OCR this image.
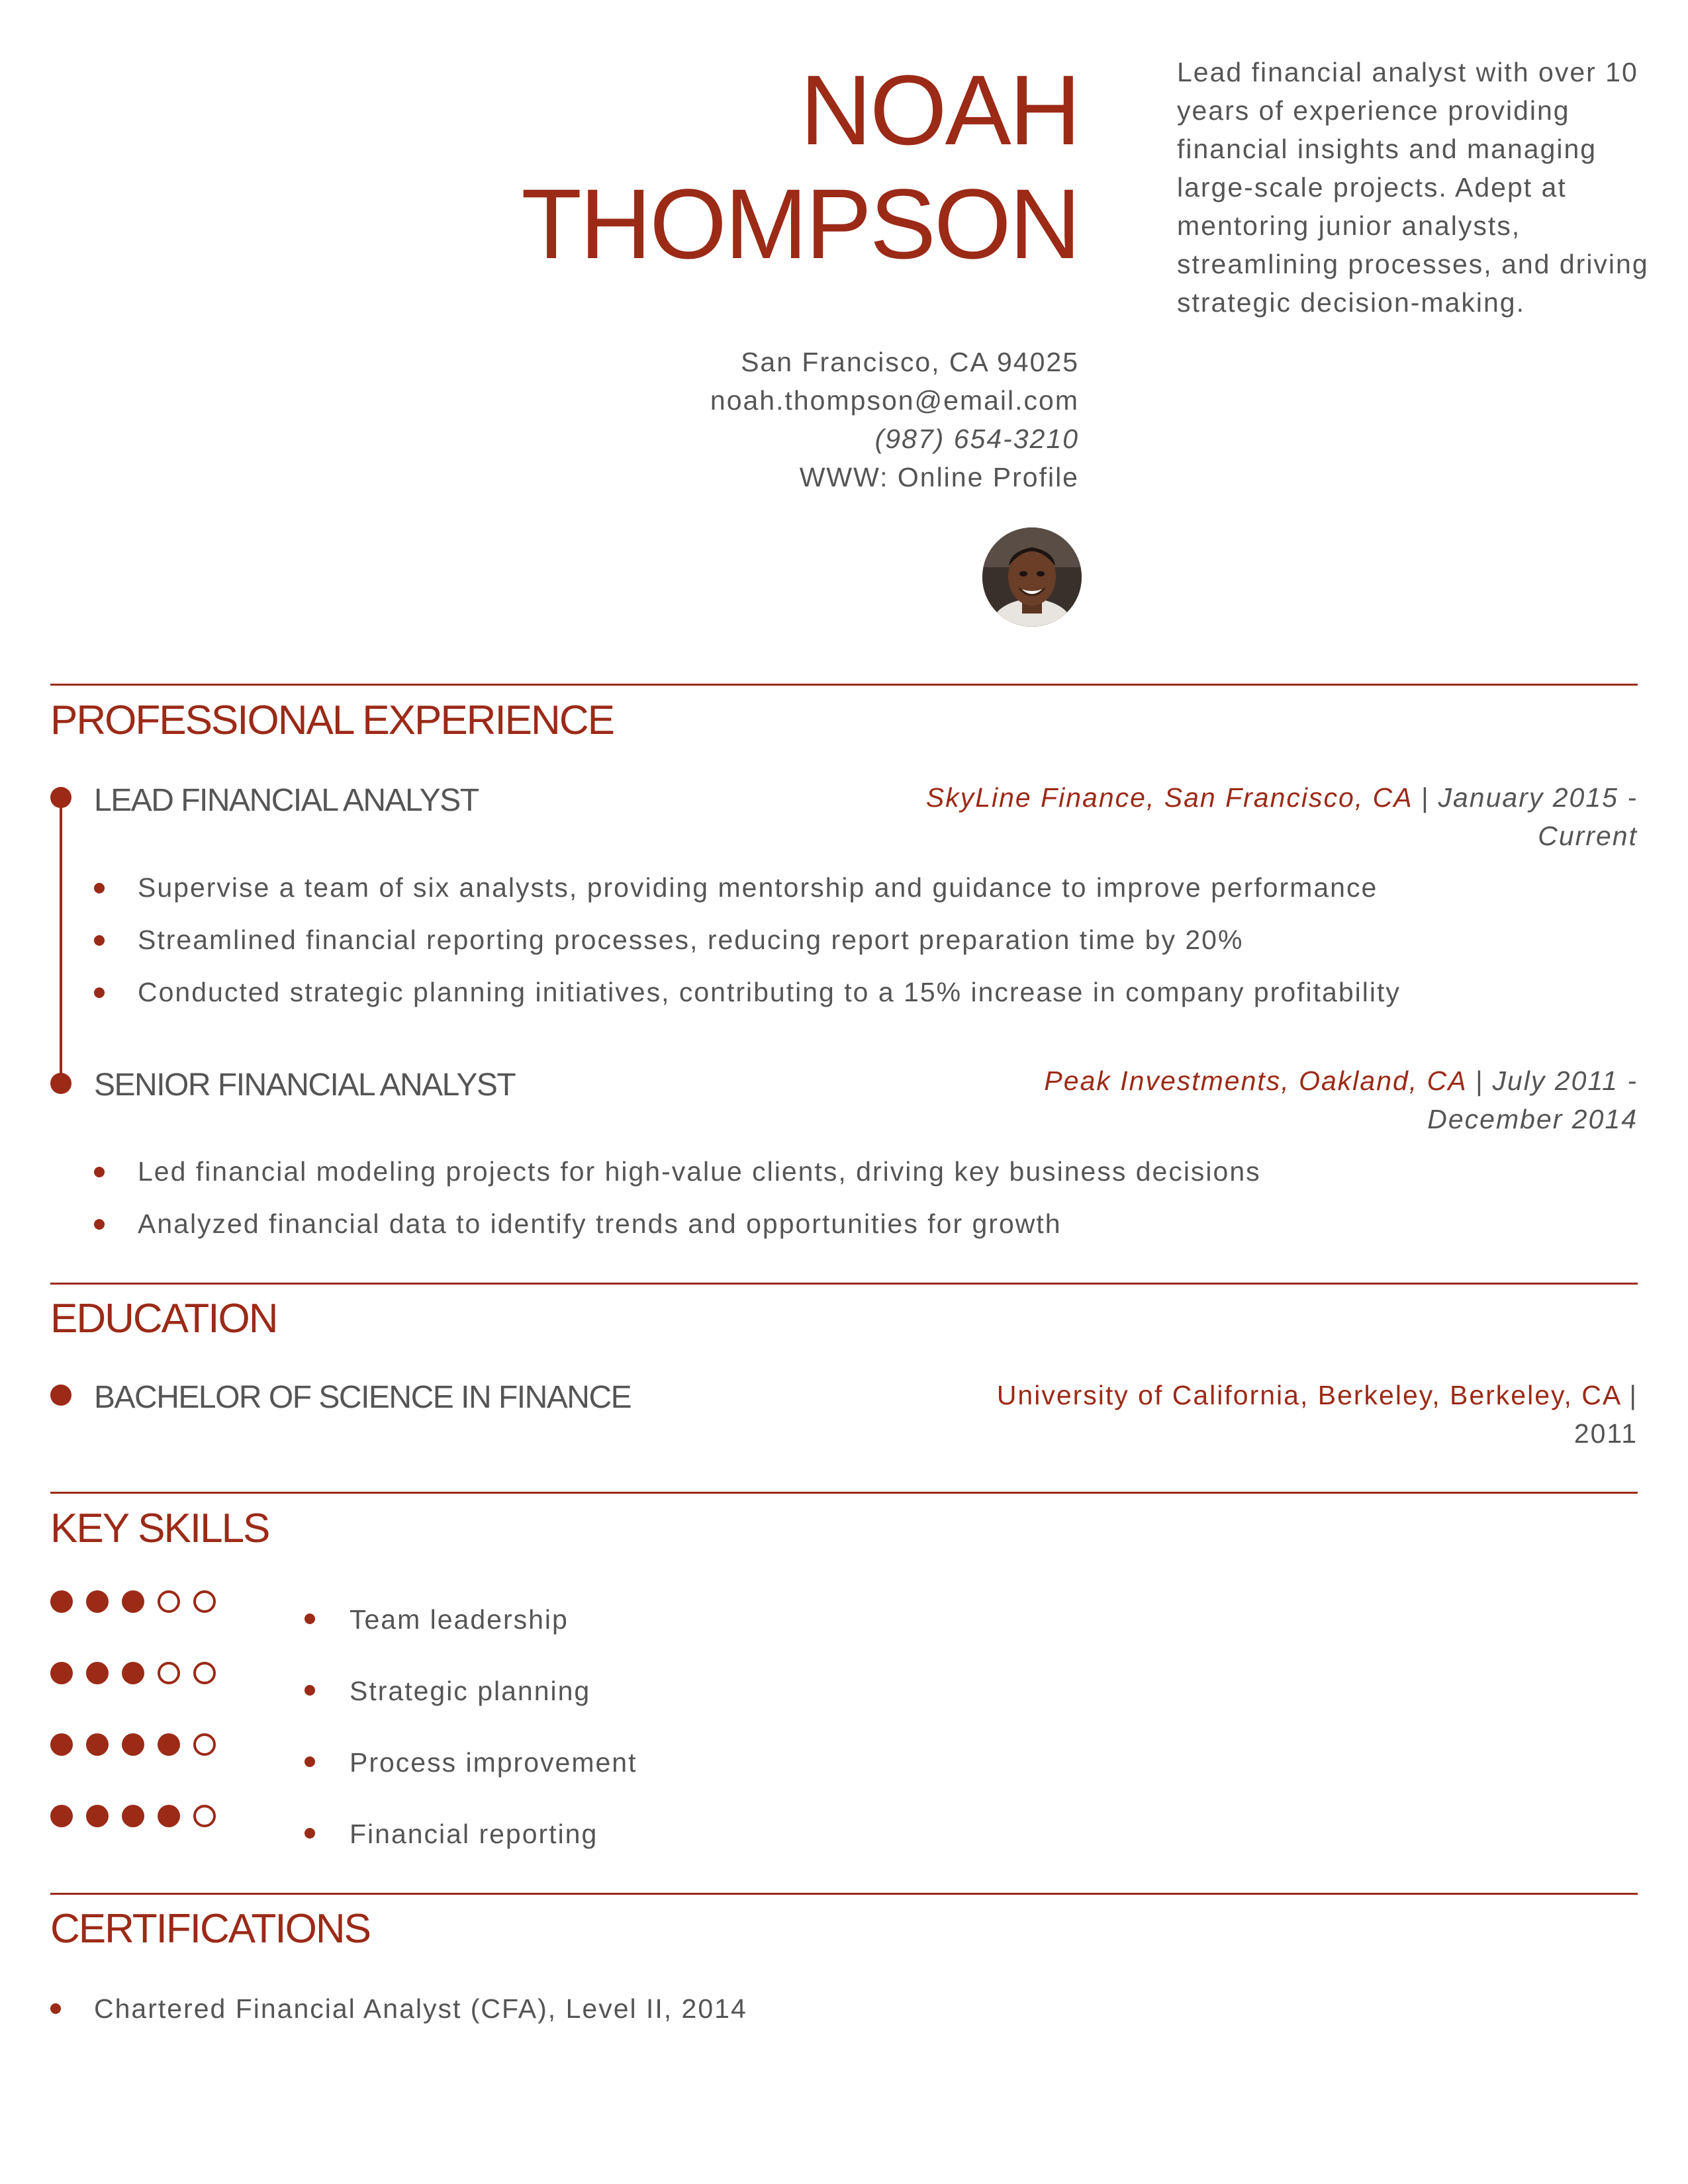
NOAH
THOMPSON
Lead financial analyst with over 10 years of experience providing financial insights and managing large-scale projects. Adept at mentoring junior analysts, streamlining processes, and driving strategic decision-making.
San Francisco, CA 94025
noah.thompson@email.com
(987) 654-3210
WWW: Online Profile
PROFESSIONAL EXPERIENCE
LEAD FINANCIAL ANALYST	SkyLine Finance, San Francisco, CA | January 2015 -
Current
Supervise a team of six analysts, providing mentorship and guidance to improve performance
Streamlined financial reporting processes, reducing report preparation time by 20%
Conducted strategic planning initiatives, contributing to a 15% increase in company profitability
SENIOR FINANCIAL ANALYST	Peak Investments, Oakland, CA | July 2011 -
December 2014
Led financial modeling projects for high-value clients, driving key business decisions
Analyzed financial data to identify trends and opportunities for growth
EDUCATION
BACHELOR OF SCIENCE IN FINANCE	University of California, Berkeley, Berkeley, CA |
2011
KEY SKILLS
Team leadership
Strategic planning
Process improvement
Financial reporting
CERTIFICATIONS
Chartered Financial Analyst (CFA), Level II, 2014
